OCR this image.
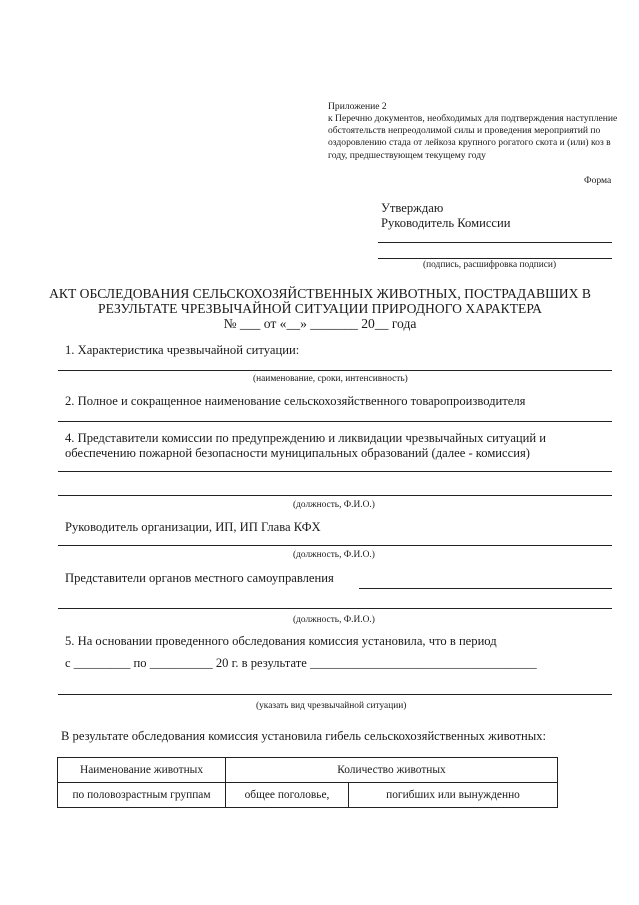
Приложение 2
к Перечню документов, необходимых для подтверждения наступление обстоятельств непреодолимой силы и проведения мероприятий по оздоровлению стада от лейкоза крупного рогатого скота и (или) коз в году, предшествующем текущему году
Форма
Утверждаю
Руководитель Комиссии
(подпись, расшифровка подписи)
АКТ ОБСЛЕДОВАНИЯ СЕЛЬСКОХОЗЯЙСТВЕННЫХ ЖИВОТНЫХ, ПОСТРАДАВШИХ В
РЕЗУЛЬТАТЕ ЧРЕЗВЫЧАЙНОЙ СИТУАЦИИ ПРИРОДНОГО ХАРАКТЕРА
№ ___ от «__» _______ 20__ года
1. Характеристика чрезвычайной ситуации:
(наименование, сроки, интенсивность)
2. Полное и сокращенное наименование сельскохозяйственного товаропроизводителя
4. Представители комиссии по предупреждению и ликвидации чрезвычайных ситуаций и
обеспечению пожарной безопасности муниципальных образований (далее - комиссия)
(должность, Ф.И.О.)
Руководитель организации, ИП, ИП Глава КФХ
(должность, Ф.И.О.)
Представители органов местного самоуправления
(должность, Ф.И.О.)
5. На основании проведенного обследования комиссия установила, что в период
с _________ по __________ 20 г. в результате ____________________________________
(указать вид чрезвычайной ситуации)
В результате обследования комиссия установила гибель сельскохозяйственных животных:
Наименование животных	Количество животных	
по половозрастным группам	общее поголовье,	погибших или вынужденно
